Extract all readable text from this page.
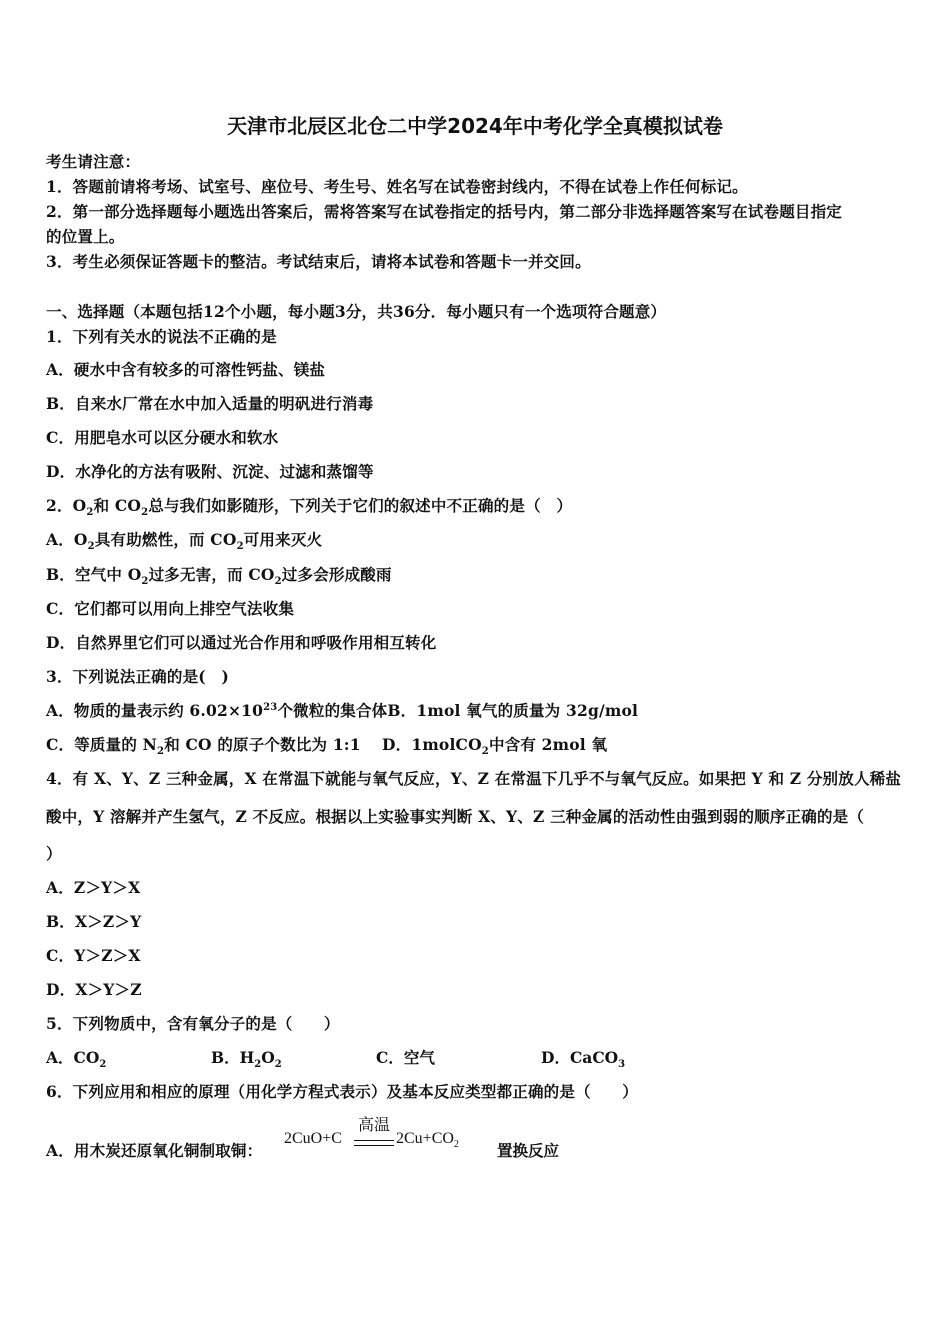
天津市北辰区北仓二中学2024年中考化学全真模拟试卷
考生请注意：
1．答题前请将考场、试室号、座位号、考生号、姓名写在试卷密封线内，不得在试卷上作任何标记。
2．第一部分选择题每小题选出答案后，需将答案写在试卷指定的括号内，第二部分非选择题答案写在试卷题目指定
的位置上。
3．考生必须保证答题卡的整洁。考试结束后，请将本试卷和答题卡一并交回。
一、选择题（本题包括12个小题，每小题3分，共36分．每小题只有一个选项符合题意）
1．下列有关水的说法不正确的是
A．硬水中含有较多的可溶性钙盐、镁盐
B．自来水厂常在水中加入适量的明矾进行消毒
C．用肥皂水可以区分硬水和软水
D．水净化的方法有吸附、沉淀、过滤和蒸馏等
2．$O_2$和 $CO_2$总与我们如影随形，下列关于它们的叙述中不正确的是（　）
A．$O_2$具有助燃性，而 $CO_2$可用来灭火
B．空气中 $O_2$过多无害，而 $CO_2$过多会形成酸雨
C．它们都可以用向上排空气法收集
D．自然界里它们可以通过光合作用和呼吸作用相互转化
3．下列说法正确的是(　)
A．物质的量表示约 $6.02\times 10^{23}$个微粒的集合体B．1mol 氧气的质量为 32g/mol
C．等质量的 $N_2$和 CO 的原子个数比为 1:1　 D．1molCO$_2$中含有 2mol 氧
4．有 X、Y、Z 三种金属，X 在常温下就能与氧气反应，Y、Z 在常温下几乎不与氧气反应。如果把 Y 和 Z 分别放人稀盐
酸中，Y 溶解并产生氢气，Z 不反应。根据以上实验事实判断 X、Y、Z 三种金属的活动性由强到弱的顺序正确的是（
）
A．Z＞Y＞X
B．X＞Z＞Y
C．Y＞Z＞X
D．X＞Y＞Z
5．下列物质中，含有氧分子的是（　　）
A．$CO_2$	B．$H_2O_2$	C．空气	D．CaCO$_3$
6．下列应用和相应的原理（用化学方程式表示）及基本反应类型都正确的是（　　）
A．用木炭还原氧化铜制取铜：
2CuO+C
高温
$2Cu+CO_2$ 置换反应
